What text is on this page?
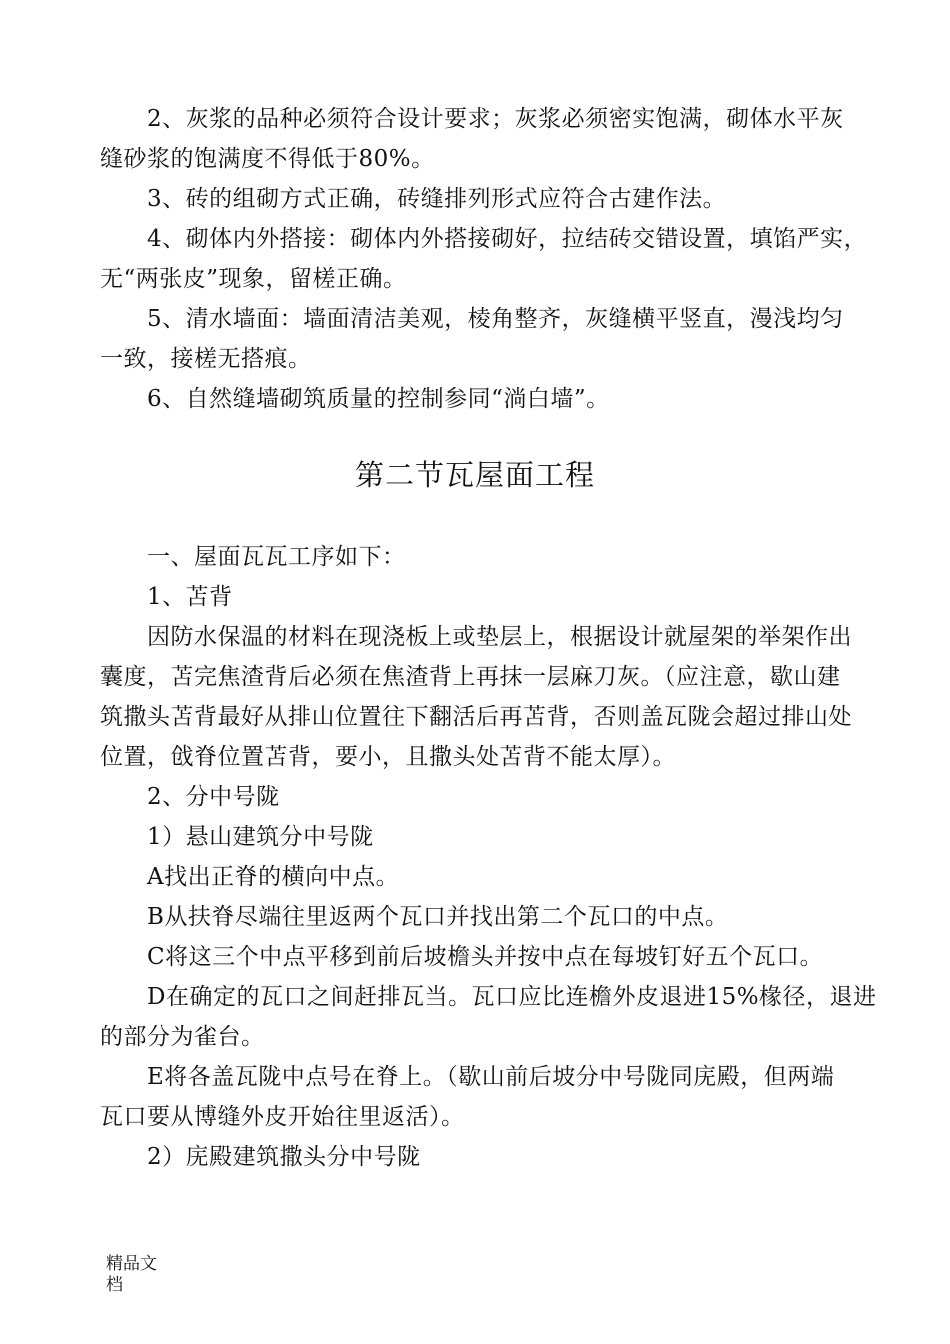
2、灰浆的品种必须符合设计要求；灰浆必须密实饱满，砌体水平灰
缝砂浆的饱满度不得低于80%。
3、砖的组砌方式正确，砖缝排列形式应符合古建作法。
4、砌体内外搭接：砌体内外搭接砌好，拉结砖交错设置，填馅严实，
无“两张皮”现象，留槎正确。
5、清水墙面：墙面清洁美观，棱角整齐，灰缝横平竖直，漫浅均匀
一致，接槎无搭痕。
6、自然缝墙砌筑质量的控制参同“淌白墙”。
第二节瓦屋面工程
一、屋面瓦瓦工序如下：
1、苫背
因防水保温的材料在现浇板上或垫层上，根据设计就屋架的举架作出
囊度，苫完焦渣背后必须在焦渣背上再抹一层麻刀灰。（应注意，歇山建
筑撒头苫背最好从排山位置往下翻活后再苫背，否则盖瓦陇会超过排山处
位置，戗脊位置苫背，要小，且撒头处苫背不能太厚）。
2、分中号陇
1）悬山建筑分中号陇
A找出正脊的横向中点。
B从扶脊尽端往里返两个瓦口并找出第二个瓦口的中点。
C将这三个中点平移到前后坡檐头并按中点在每坡钉好五个瓦口。
D在确定的瓦口之间赶排瓦当。瓦口应比连檐外皮退进15%椽径，退进
的部分为雀台。
E将各盖瓦陇中点号在脊上。（歇山前后坡分中号陇同庑殿，但两端
瓦口要从博缝外皮开始往里返活）。
2）庑殿建筑撒头分中号陇
精品文
档
